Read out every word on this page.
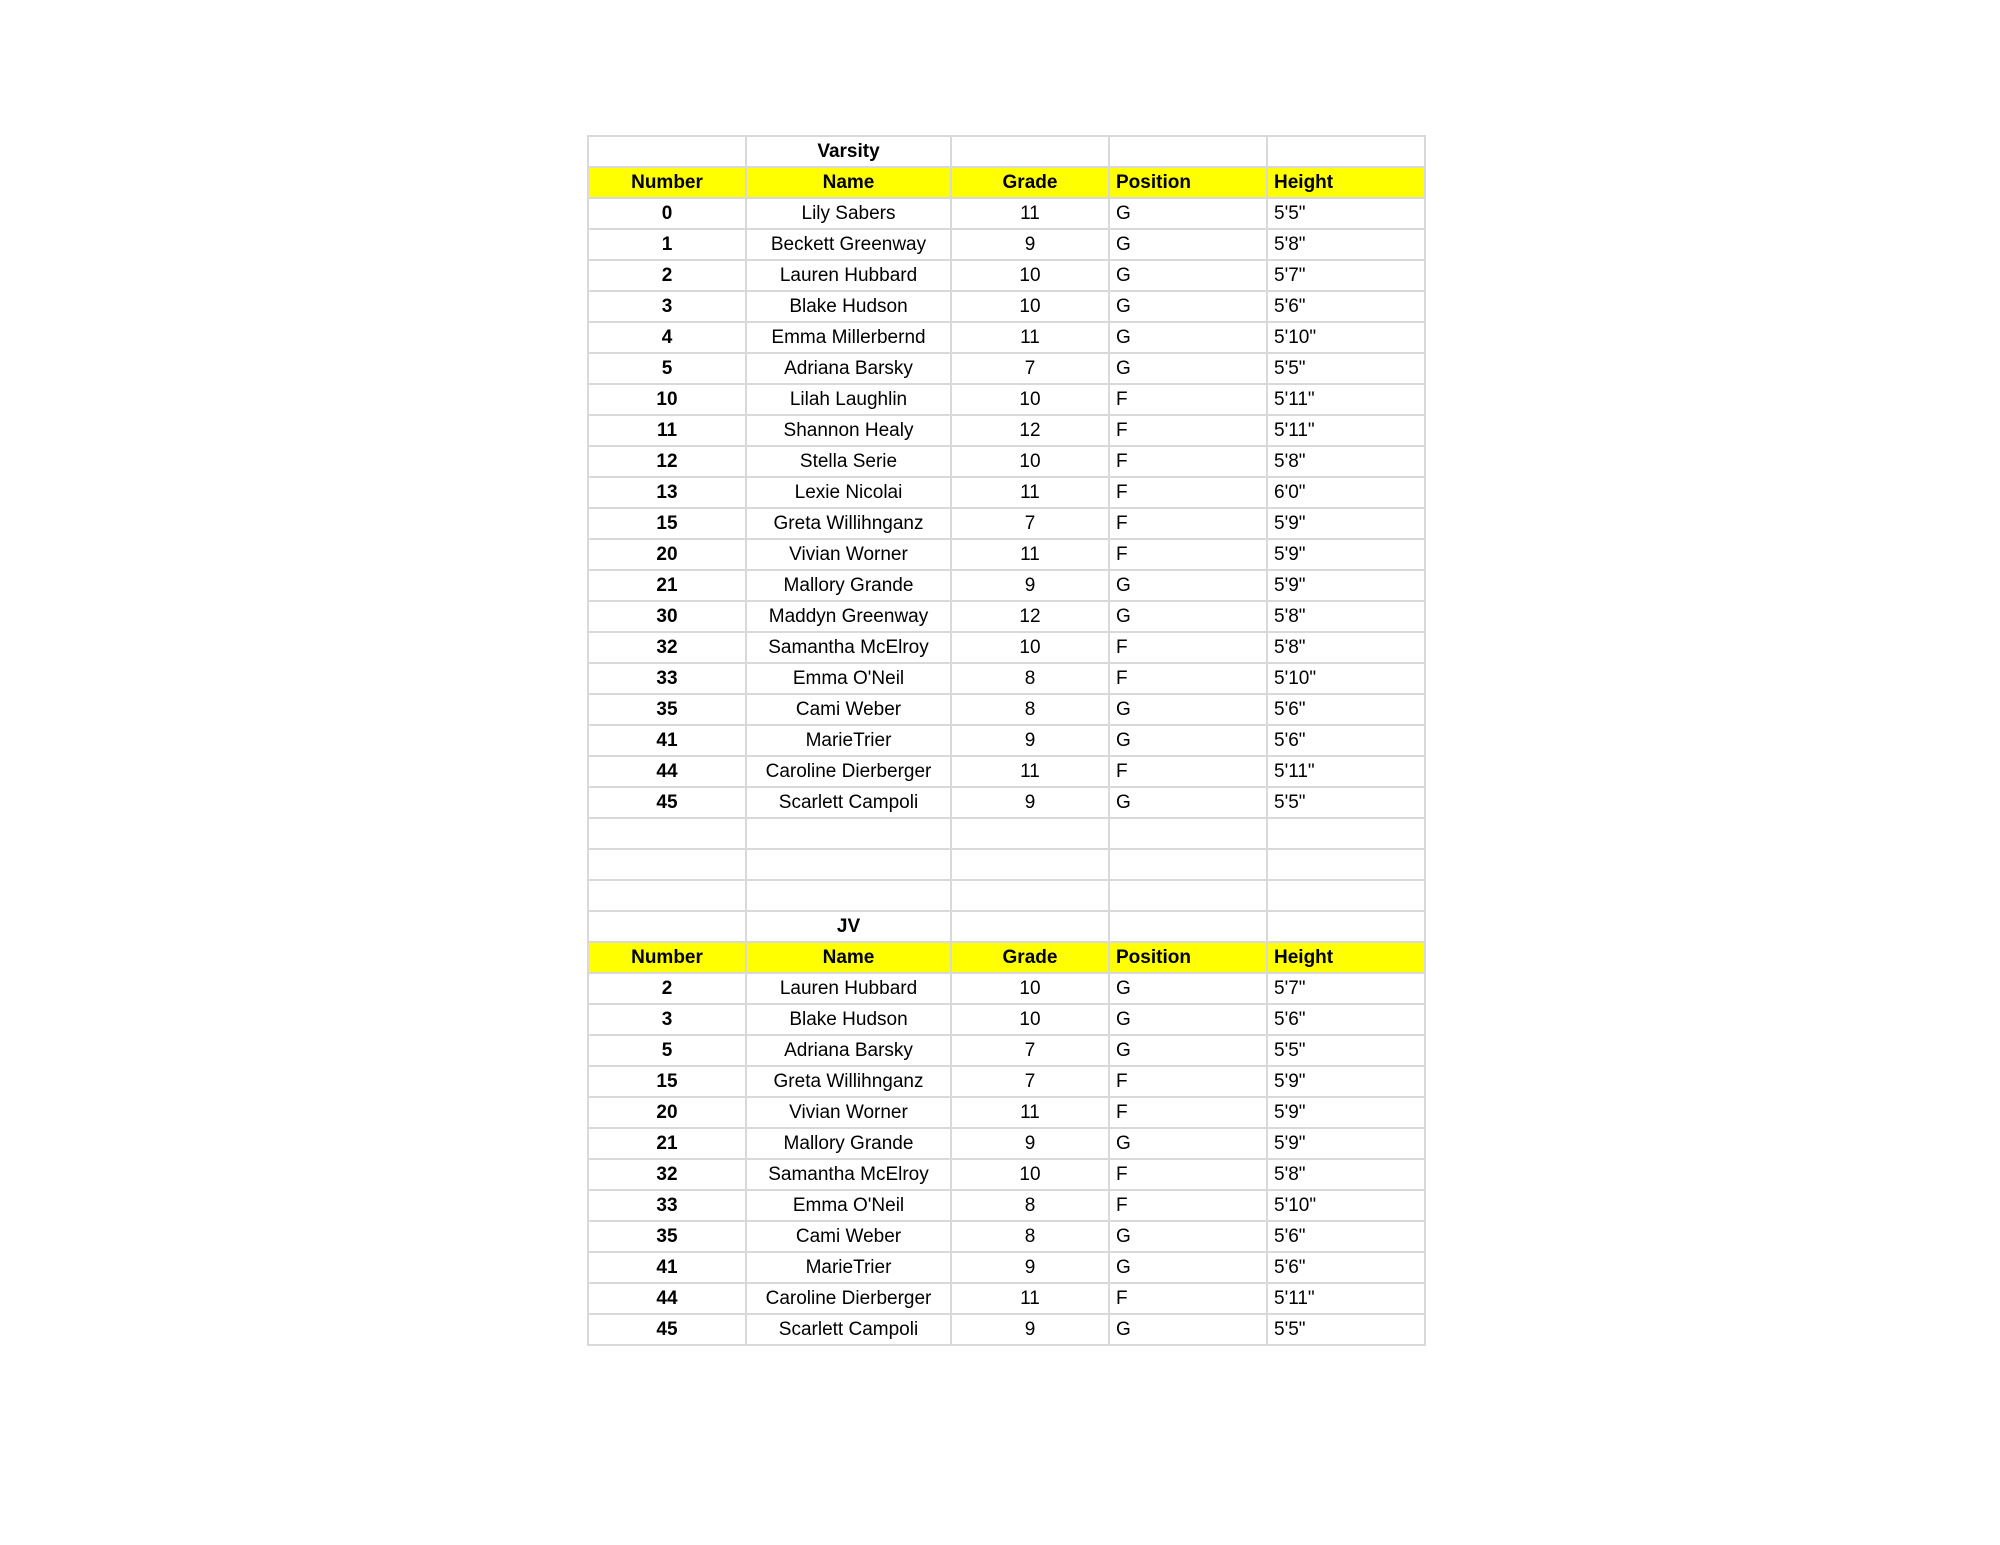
	Varsity			
Number	Name	Grade	Position	Height
0	Lily Sabers	11	G	5'5"
1	Beckett Greenway	9	G	5'8"
2	Lauren Hubbard	10	G	5'7"
3	Blake Hudson	10	G	5'6"
4	Emma Millerbernd	11	G	5'10"
5	Adriana Barsky	7	G	5'5"
10	Lilah Laughlin	10	F	5'11"
11	Shannon Healy	12	F	5'11"
12	Stella Serie	10	F	5'8"
13	Lexie Nicolai	11	F	6'0"
15	Greta Willihnganz	7	F	5'9"
20	Vivian Worner	11	F	5'9"
21	Mallory Grande	9	G	5'9"
30	Maddyn Greenway	12	G	5'8"
32	Samantha McElroy	10	F	5'8"
33	Emma O'Neil	8	F	5'10"
35	Cami Weber	8	G	5'6"
41	MarieTrier	9	G	5'6"
44	Caroline Dierberger	11	F	5'11"
45	Scarlett Campoli	9	G	5'5"

	JV			
Number	Name	Grade	Position	Height
2	Lauren Hubbard	10	G	5'7"
3	Blake Hudson	10	G	5'6"
5	Adriana Barsky	7	G	5'5"
15	Greta Willihnganz	7	F	5'9"
20	Vivian Worner	11	F	5'9"
21	Mallory Grande	9	G	5'9"
32	Samantha McElroy	10	F	5'8"
33	Emma O'Neil	8	F	5'10"
35	Cami Weber	8	G	5'6"
41	MarieTrier	9	G	5'6"
44	Caroline Dierberger	11	F	5'11"
45	Scarlett Campoli	9	G	5'5"
